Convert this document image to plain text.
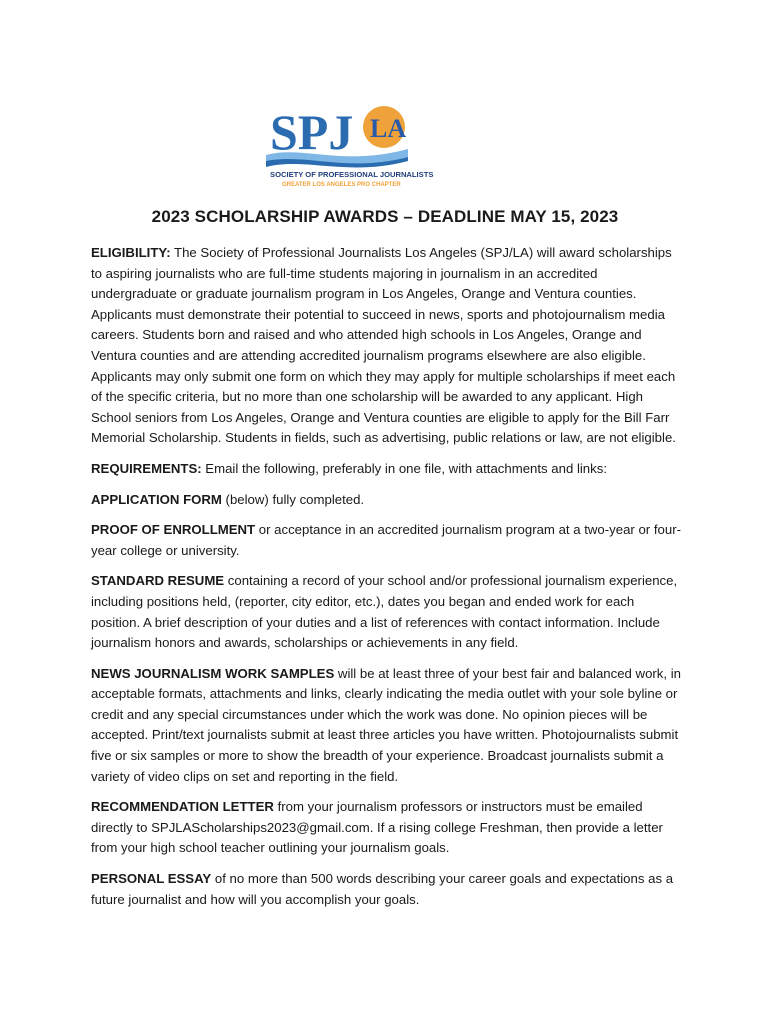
SPJ LA
SOCIETY OF PROFESSIONAL JOURNALISTS
GREATER LOS ANGELES PRO CHAPTER
2023 SCHOLARSHIP AWARDS – DEADLINE MAY 15, 2023

ELIGIBILITY: The Society of Professional Journalists Los Angeles (SPJ/LA) will award scholarships to aspiring journalists who are full-time students majoring in journalism in an accredited undergraduate or graduate journalism program in Los Angeles, Orange and Ventura counties. Applicants must demonstrate their potential to succeed in news, sports and photojournalism media careers. Students born and raised and who attended high schools in Los Angeles, Orange and Ventura counties and are attending accredited journalism programs elsewhere are also eligible. Applicants may only submit one form on which they may apply for multiple scholarships if meet each of the specific criteria, but no more than one scholarship will be awarded to any applicant. High School seniors from Los Angeles, Orange and Ventura counties are eligible to apply for the Bill Farr Memorial Scholarship. Students in fields, such as advertising, public relations or law, are not eligible.

REQUIREMENTS: Email the following, preferably in one file, with attachments and links:

APPLICATION FORM (below) fully completed.

PROOF OF ENROLLMENT or acceptance in an accredited journalism program at a two-year or four-year college or university.

STANDARD RESUME containing a record of your school and/or professional journalism experience, including positions held, (reporter, city editor, etc.), dates you began and ended work for each position. A brief description of your duties and a list of references with contact information. Include journalism honors and awards, scholarships or achievements in any field.

NEWS JOURNALISM WORK SAMPLES will be at least three of your best fair and balanced work, in acceptable formats, attachments and links, clearly indicating the media outlet with your sole byline or credit and any special circumstances under which the work was done. No opinion pieces will be accepted. Print/text journalists submit at least three articles you have written. Photojournalists submit five or six samples or more to show the breadth of your experience. Broadcast journalists submit a variety of video clips on set and reporting in the field.

RECOMMENDATION LETTER from your journalism professors or instructors must be emailed directly to SPJLAScholarships2023@gmail.com. If a rising college Freshman, then provide a letter from your high school teacher outlining your journalism goals.

PERSONAL ESSAY of no more than 500 words describing your career goals and expectations as a future journalist and how will you accomplish your goals.
